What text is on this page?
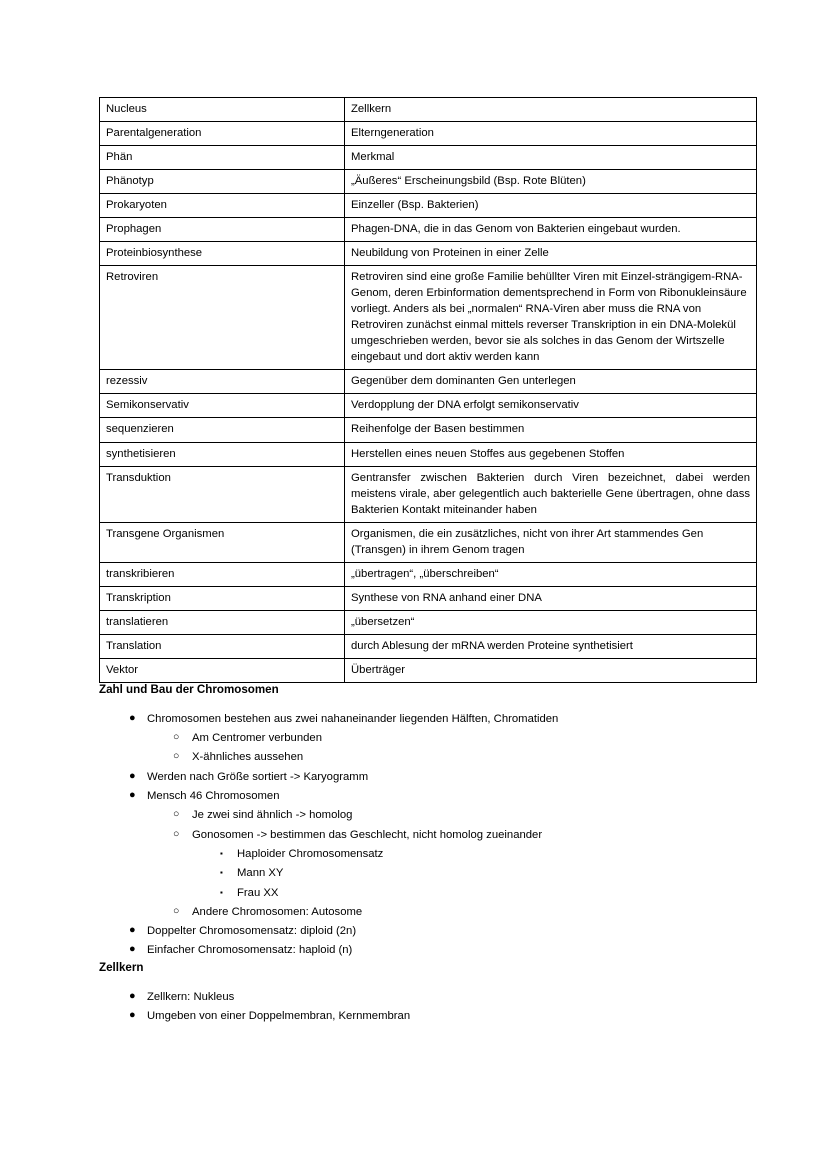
Nucleus	Zellkern
Parentalgeneration	Elterngeneration
Phän	Merkmal
Phänotyp	„Äußeres“ Erscheinungsbild (Bsp. Rote Blüten)
Prokaryoten	Einzeller (Bsp. Bakterien)
Prophagen	Phagen-DNA, die in das Genom von Bakterien eingebaut wurden.
Proteinbiosynthese	Neubildung von Proteinen in einer Zelle
Retroviren	Retroviren sind eine große Familie behüllter Viren mit Einzel-strängigem-RNA-Genom, deren Erbinformation dementsprechend in Form von Ribonukleinsäure vorliegt. Anders als bei „normalen“ RNA-Viren aber muss die RNA von Retroviren zunächst einmal mittels reverser Transkription in ein DNA-Molekül umgeschrieben werden, bevor sie als solches in das Genom der Wirtszelle eingebaut und dort aktiv werden kann
rezessiv	Gegenüber dem dominanten Gen unterlegen
Semikonservativ	Verdopplung der DNA erfolgt semikonservativ
sequenzieren	Reihenfolge der Basen bestimmen
synthetisieren	Herstellen eines neuen Stoffes aus gegebenen Stoffen
Transduktion	Gentransfer zwischen Bakterien durch Viren bezeichnet, dabei werden meistens virale, aber gelegentlich auch bakterielle Gene übertragen, ohne dass Bakterien Kontakt miteinander haben
Transgene Organismen	Organismen, die ein zusätzliches, nicht von ihrer Art stammendes Gen (Transgen) in ihrem Genom tragen
transkribieren	„übertragen“, „überschreiben“
Transkription	Synthese von RNA anhand einer DNA
translatieren	„übersetzen“
Translation	durch Ablesung der mRNA werden Proteine synthetisiert
Vektor	Überträger
Zahl und Bau der Chromosomen
● Chromosomen bestehen aus zwei nahaneinander liegenden Hälften, Chromatiden
○ Am Centromer verbunden
○ X-ähnliches aussehen
● Werden nach Größe sortiert -> Karyogramm
● Mensch 46 Chromosomen
○ Je zwei sind ähnlich -> homolog
○ Gonosomen -> bestimmen das Geschlecht, nicht homolog zueinander
▪ Haploider Chromosomensatz
▪ Mann XY
▪ Frau XX
○ Andere Chromosomen: Autosome
● Doppelter Chromosomensatz: diploid (2n)
● Einfacher Chromosomensatz: haploid (n)
Zellkern
● Zellkern: Nukleus
● Umgeben von einer Doppelmembran, Kernmembran
